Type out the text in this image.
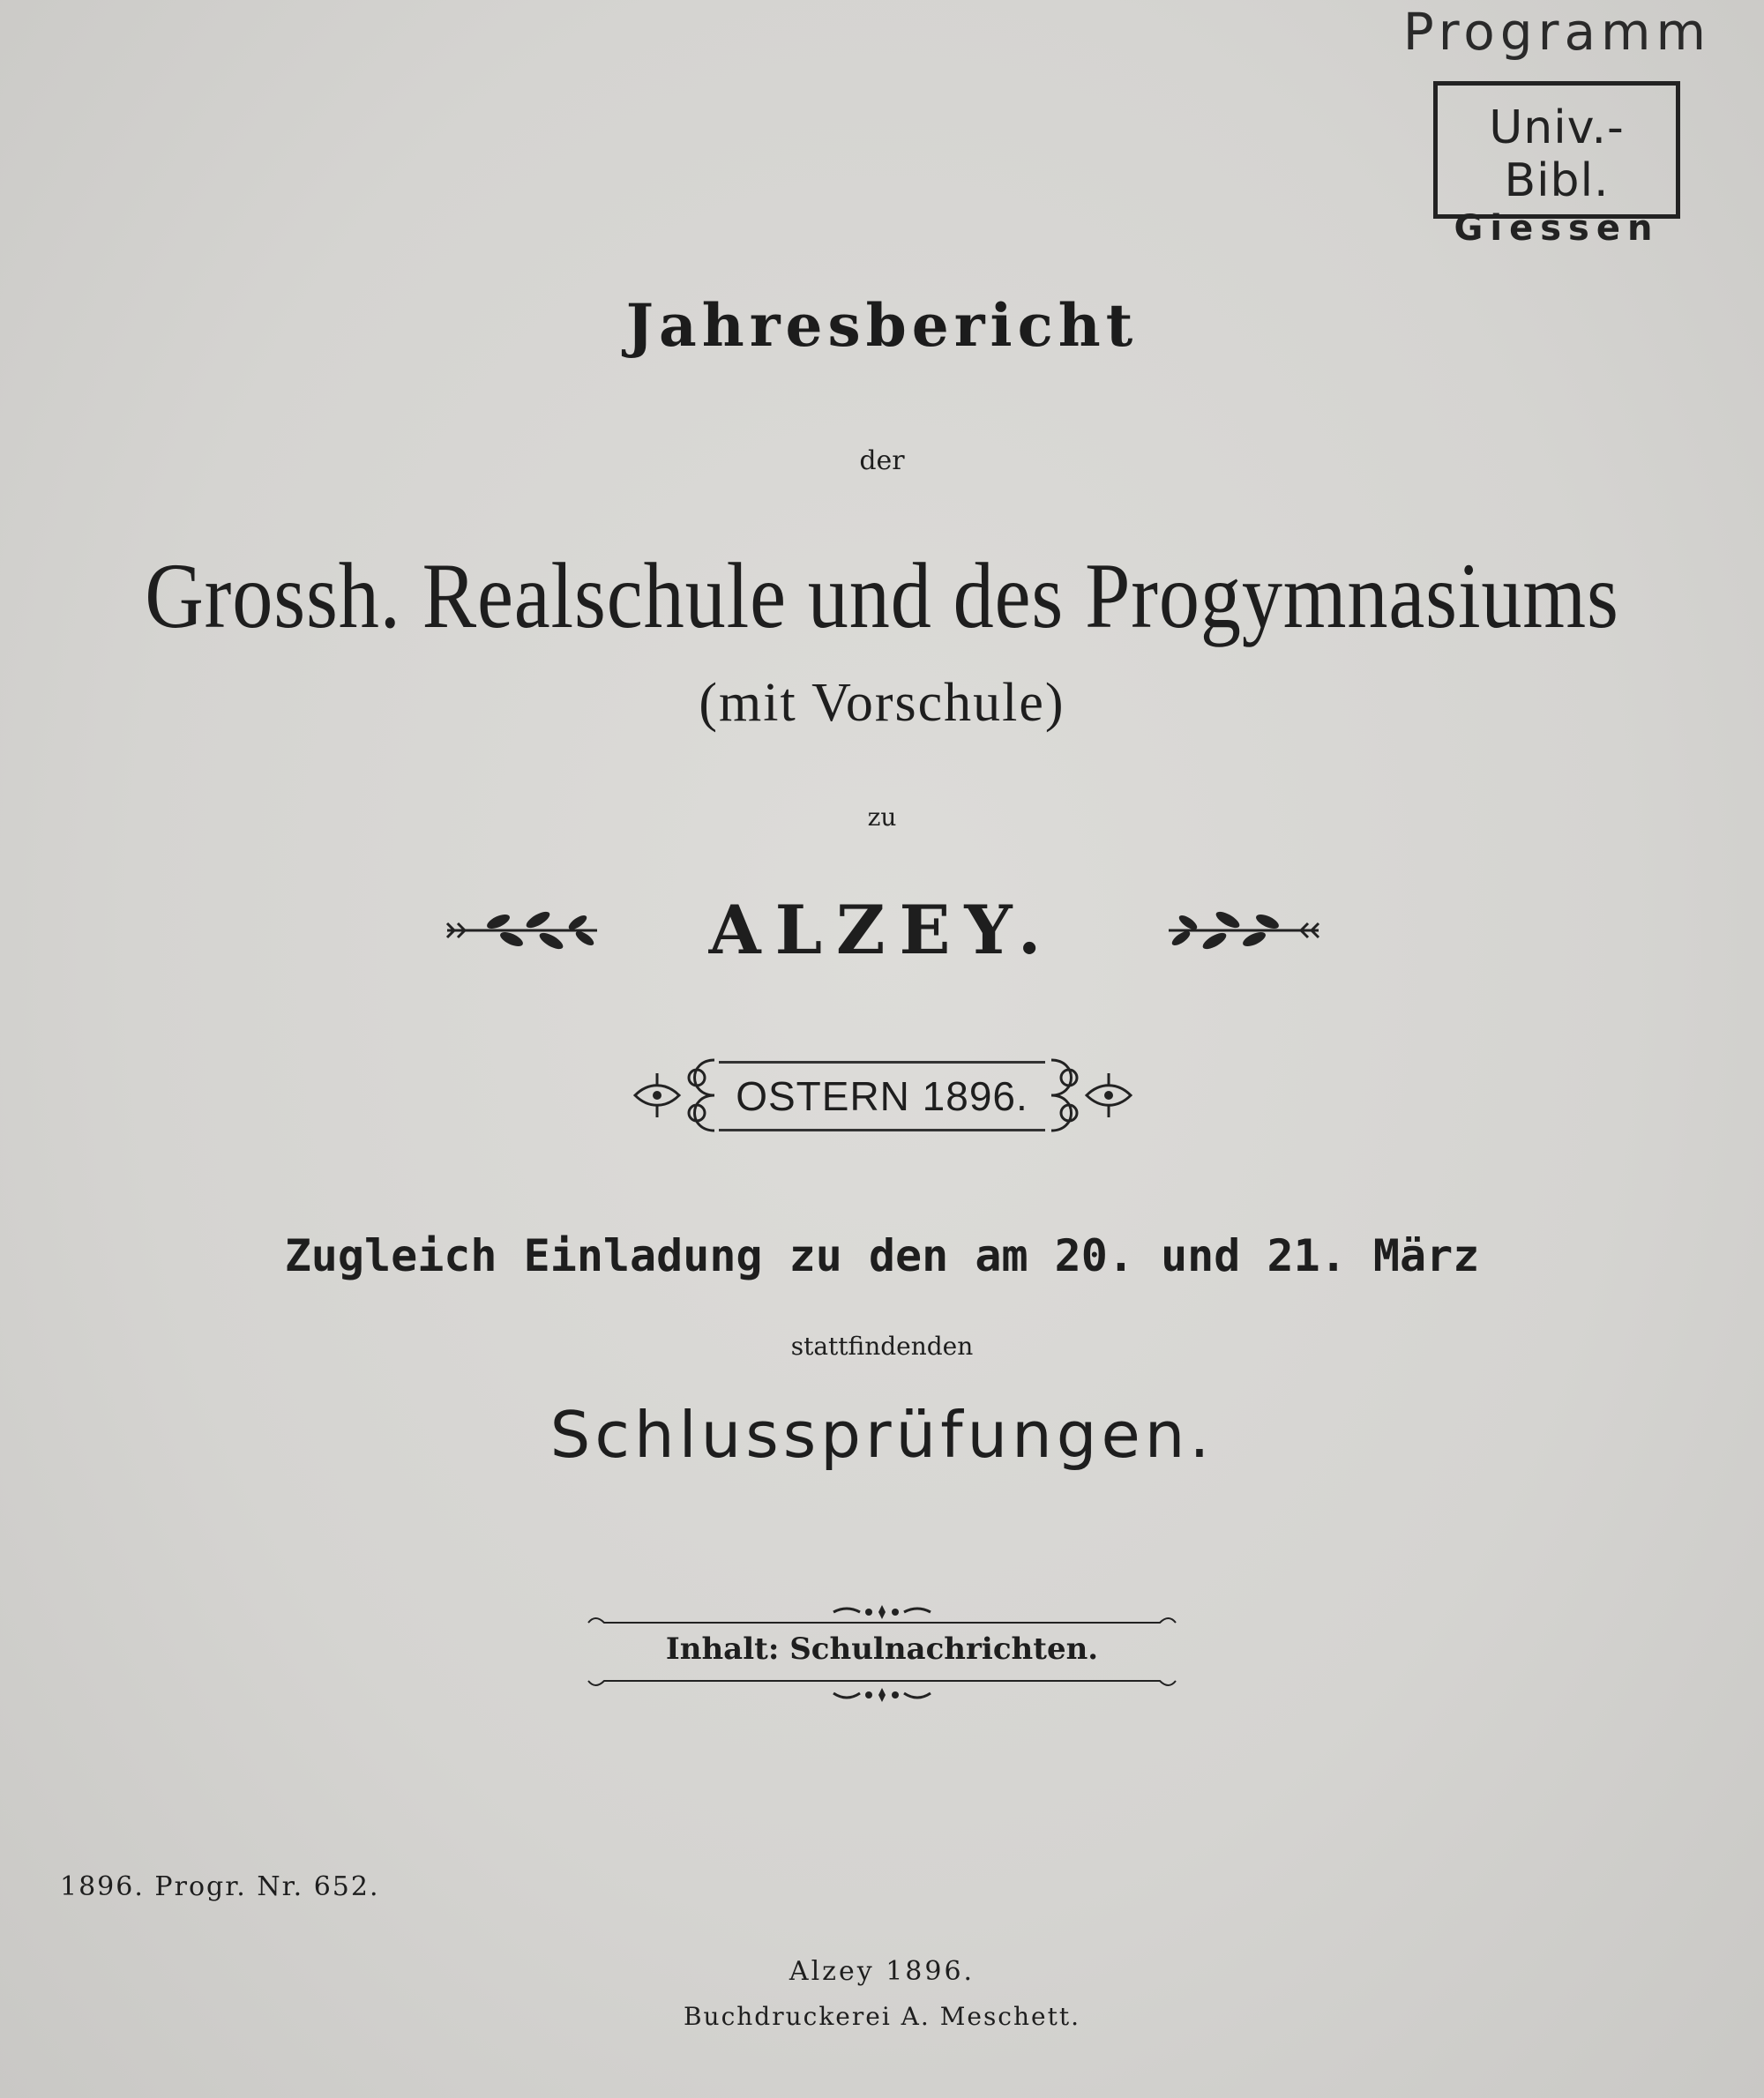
Programm
Univ.-Bibl.
Giessen
Jahresbericht
der
Grossh. Realschule und des Progymnasiums
(mit Vorschule)
zu
ALZEY.
OSTERN 1896.
Zugleich Einladung zu den am 20. und 21. März
stattfindenden
Schlussprüfungen.
Inhalt: Schulnachrichten.
1896. Progr. Nr. 652.
Alzey 1896.
Buchdruckerei A. Meschett.
